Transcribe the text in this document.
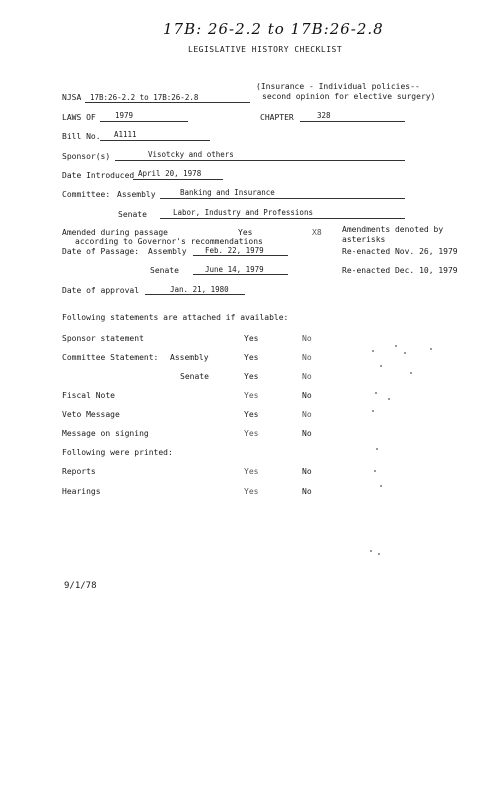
17B: 26-2.2 to 17B:26-2.8
LEGISLATIVE HISTORY CHECKLIST
NJSA 17B:26-2.2 to 17B:26-2.8
(Insurance - Individual policies--
second opinion for elective surgery)
LAWS OF	1979	CHAPTER	328
Bill No. A1111
Sponsor(s)	Visotcky and others
Date Introduced April 20, 1978
Committee: Assembly	Banking and Insurance
Senate	Labor, Industry and Professions
Amended during passage	Yes	X8	Amendments denoted by
asterisks
according to Governor's recommendations
Date of Passage: Assembly Feb. 22, 1979	Re-enacted Nov. 26, 1979
Senate	June 14, 1979	Re-enacted Dec. 10, 1979
Date of approval	Jan. 21, 1980
Following statements are attached if available:
Sponsor statement	Yes	No
Committee Statement: Assembly	Yes	No
Senate	Yes	No
Fiscal Note	Yes	No
Veto Message	Yes	No
Message on signing	Yes	No
Following were printed:
Reports	Yes	No
Hearings	Yes	No
9/1/78
